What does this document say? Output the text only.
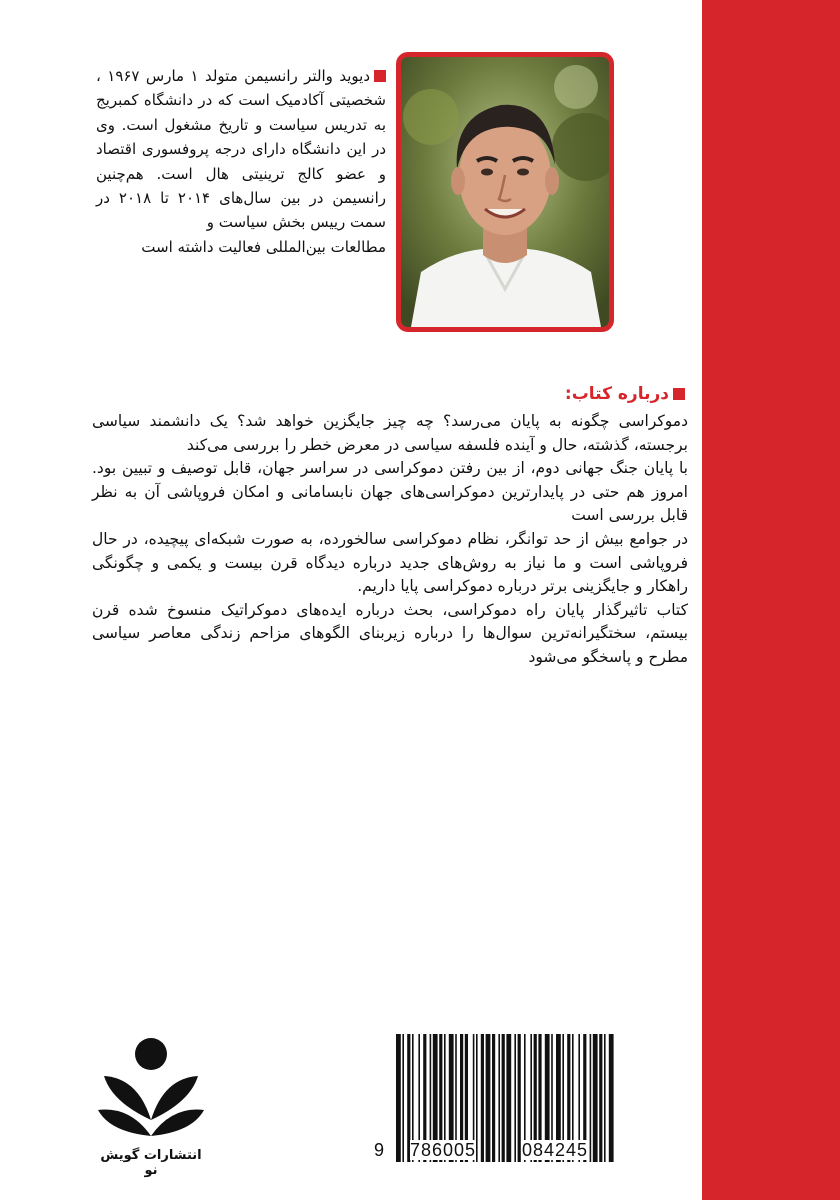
دیوید والتر رانسیمن متولد ۱ مارس ۱۹۶۷ ، شخصیتی آکادمیک است که در دانشگاه کمبریج به تدریس سیاست و تاریخ مشغول است. وی در این دانشگاه دارای درجه پروفسوری اقتصاد و عضو کالج ترینیتی هال است. هم‌چنین رانسیمن در بین سال‌های ۲۰۱۴ تا ۲۰۱۸ در سمت رییس بخش سیاست و
مطالعات بین‌المللی فعالیت داشته است
درباره کتاب:

دموکراسی چگونه به پایان می‌رسد؟ چه چیز جایگزین خواهد شد؟ یک دانشمند سیاسی برجسته، گذشته، حال و آینده فلسفه سیاسی در معرض خطر را بررسی می‌کند

با پایان جنگ جهانی دوم، از بین رفتن دموکراسی در سراسر جهان، قابل توصیف و تبیین بود. امروز هم حتی در پایدارترین دموکراسی‌های جهان نابسامانی و امکان فروپاشی آن به نظر قابل بررسی است

در جوامع بیش از حد توانگر، نظام دموکراسی سالخورده، به صورت شبکه‌ای پیچیده، در حال فروپاشی است و ما نیاز به روش‌های جدید درباره دیدگاه قرن بیست و یکمی و چگونگی راهکار و جایگزینی برتر درباره دموکراسی پایا داریم.

کتاب تاثیرگذار پایان راه دموکراسی، بحث درباره ایده‌های دموکراتیک منسوخ شده قرن بیستم، سختگیرانه‌ترین سوال‌ها را درباره زیربنای الگوهای مزاحم زندگی معاصر سیاسی مطرح و پاسخگو می‌شود

انتشارات گویش نو
9 786005	084245
